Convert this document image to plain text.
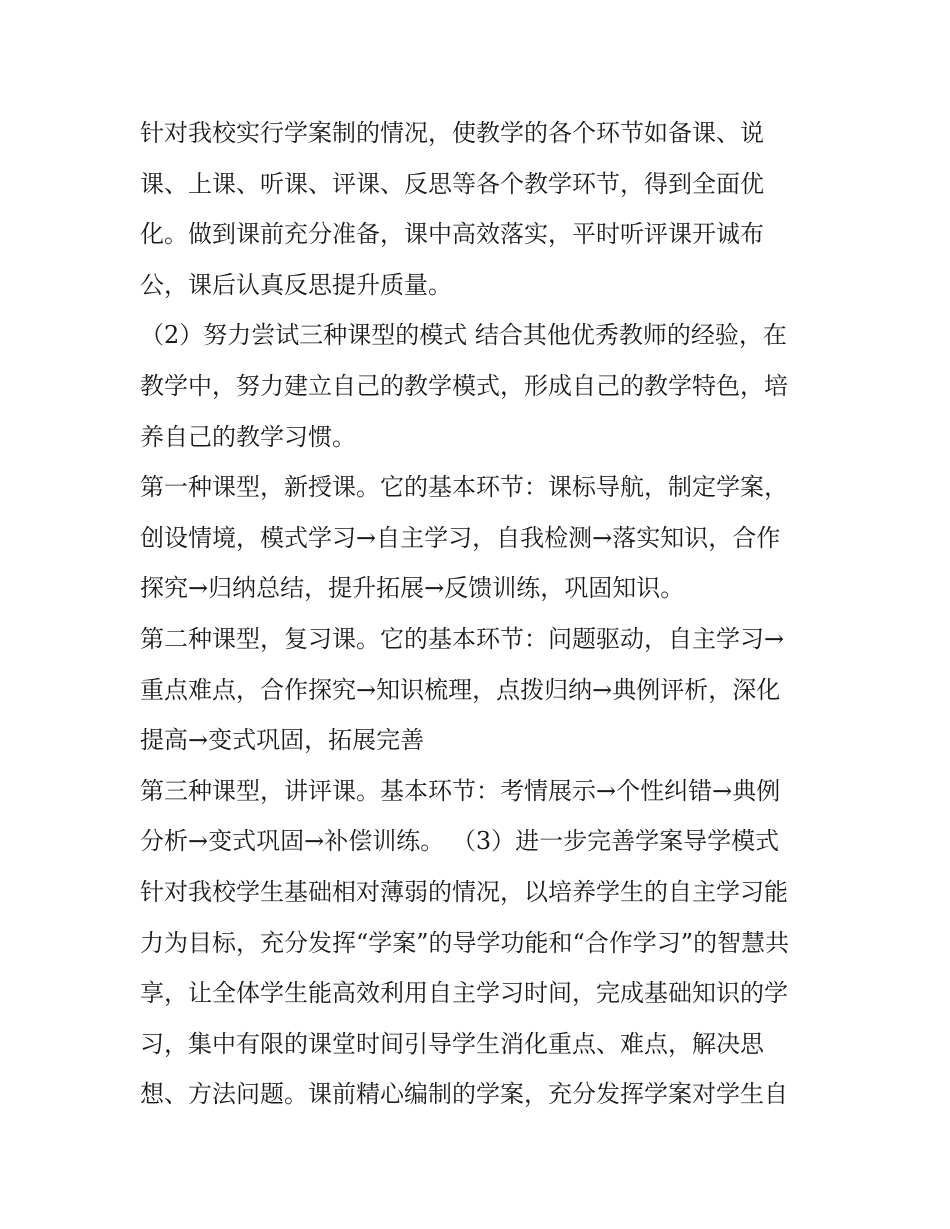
针对我校实行学案制的情况，使教学的各个环节如备课、说
课、上课、听课、评课、反思等各个教学环节，得到全面优
化。做到课前充分准备，课中高效落实，平时听评课开诚布
公，课后认真反思提升质量。
（2）努力尝试三种课型的模式 结合其他优秀教师的经验，在
教学中，努力建立自己的教学模式，形成自己的教学特色，培
养自己的教学习惯。
第一种课型，新授课。它的基本环节：课标导航，制定学案，
创设情境，模式学习→自主学习，自我检测→落实知识，合作
探究→归纳总结，提升拓展→反馈训练，巩固知识。
第二种课型，复习课。它的基本环节：问题驱动，自主学习→
重点难点，合作探究→知识梳理，点拨归纳→典例评析，深化
提高→变式巩固，拓展完善
第三种课型，讲评课。基本环节：考情展示→个性纠错→典例
分析→变式巩固→补偿训练。 （3）进一步完善学案导学模式
针对我校学生基础相对薄弱的情况，以培养学生的自主学习能
力为目标，充分发挥“学案”的导学功能和“合作学习”的智慧共
享，让全体学生能高效利用自主学习时间，完成基础知识的学
习，集中有限的课堂时间引导学生消化重点、难点，解决思
想、方法问题。课前精心编制的学案，充分发挥学案对学生自
